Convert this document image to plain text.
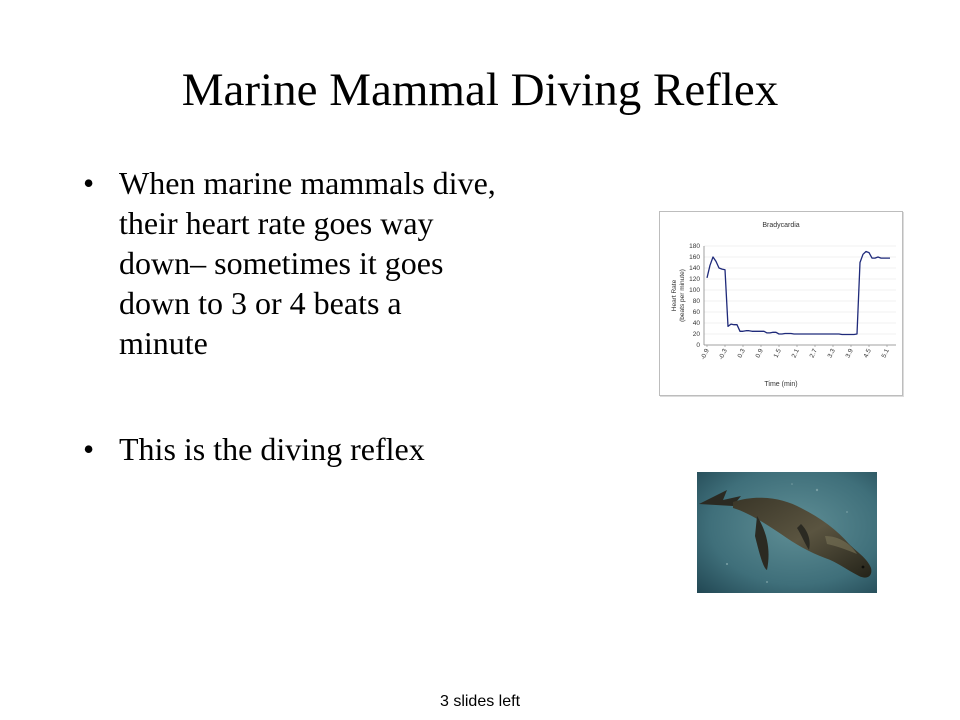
Marine Mammal Diving Reflex
• When marine mammals dive,
their heart rate goes way
down– sometimes it goes
down to 3 or 4 beats a
minute
• This is the diving reflex
Bradycardia
Time (min)
Heart Rate(beats per minute)
0
20
40
60
80
100
120
140
160
180
-0.9 -0.3 0.3 0.9 1.5 2.1 2.7 3.3 3.9 4.5 5.1
3 slides left
